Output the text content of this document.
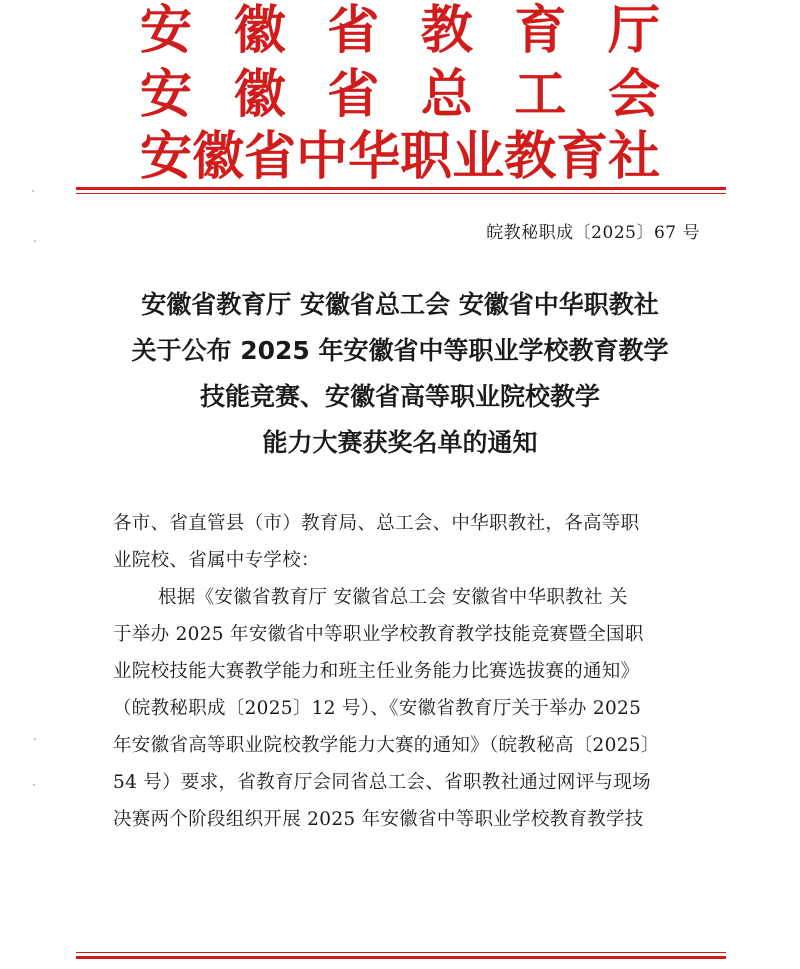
安 徽 省 教 育 厅
安 徽 省 总 工 会
安 徽 省 中 华 职 业 教 育 社
皖教秘职成〔2025〕67 号
安徽省教育厅 安徽省总工会 安徽省中华职教社
关于公布 2025 年安徽省中等职业学校教育教学
技能竞赛、安徽省高等职业院校教学
能力大赛获奖名单的通知
各市、省直管县（市）教育局、总工会、中华职教社，各高等职
业院校、省属中专学校：
根据《安徽省教育厅 安徽省总工会 安徽省中华职教社 关
于举办 2025 年安徽省中等职业学校教育教学技能竞赛暨全国职
业院校技能大赛教学能力和班主任业务能力比赛选拔赛的通知》
（皖教秘职成〔2025〕12 号）、《安徽省教育厅关于举办 2025
年安徽省高等职业院校教学能力大赛的通知》（皖教秘高〔2025〕
54 号）要求，省教育厅会同省总工会、省职教社通过网评与现场
决赛两个阶段组织开展 2025 年安徽省中等职业学校教育教学技
